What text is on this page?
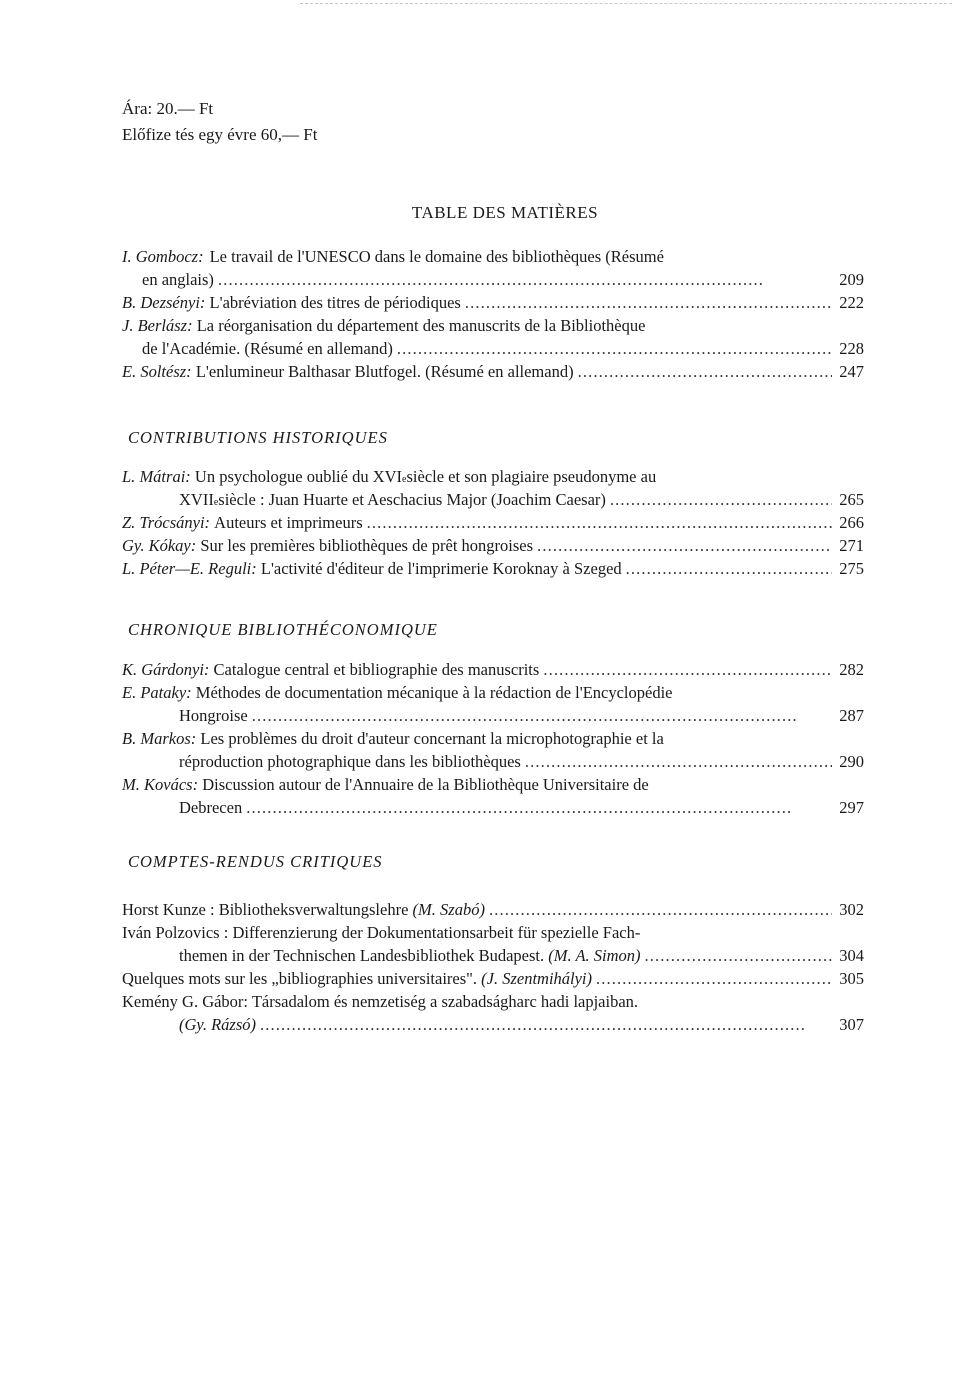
Ára: 20.— Ft
Előfize tés egy évre 60,— Ft
TABLE DES MATIÈRES
I. Gombocz: Le travail de l'UNESCO dans le domaine des bibliothèques (Résumé
en anglais) . . .	209
B.
Dezsényi:
L'abréviation des titres de périodiques . . .	222
J.
Berlász:
La réorganisation du département des manuscrits de la Bibliothèque
de l'Académie. (Résumé en allemand) . . .	228
E.
Soltész:
L'enlumineur Balthasar Blutfogel. (Résumé en allemand) . . .	247
CONTRIBUTIONS HISTORIQUES
L.
Mátrai:
Un psychologue oublié du XVI e siècle et son plagiaire pseudonyme au
XVII e siècle : Juan Huarte et Aeschacius Major (Joachim Caesar) . . .	265
Z.
Trócsányi:
Auteurs et imprimeurs . . .	266
Gy.
Kókay:
Sur les premières bibliothèques de prêt hongroises . . .	271
L.
Péter—E. Reguli:
L'activité d'éditeur de l'imprimerie Koroknay à Szeged . . .	275
CHRONIQUE BIBLIOTHÉCONOMIQUE
K.
Gárdonyi:
Catalogue central et bibliographie des manuscrits . . .	282
E.
Pataky:
Méthodes de documentation mécanique à la rédaction de l'Encyclopédie
Hongroise . . .	287
B.
Markos:
Les problèmes du droit d'auteur concernant la microphotographie et la
réproduction photographique dans les bibliothèques . . .	290
M.
Kovács:
Discussion autour de l'Annuaire de la Bibliothèque Universitaire de
Debrecen . . .	297
COMPTES-RENDUS CRITIQUES
Horst Kunze : Bibliotheksverwaltungslehre
(M. Szabó) . . .	302
Iván Polzovics : Differenzierung der Dokumentationsarbeit für spezielle Fach-
themen in der Technischen Landesbibliothek Budapest.
(M. A. Simon) . . .	304
Quelques mots sur les „bibliographies universitaires".
(J. Szentmihályi) . . .	305
Kemény G. Gábor: Társadalom és nemzetiség a szabadságharc hadi lapjaiban.
(Gy. Rázsó) . . .	307
